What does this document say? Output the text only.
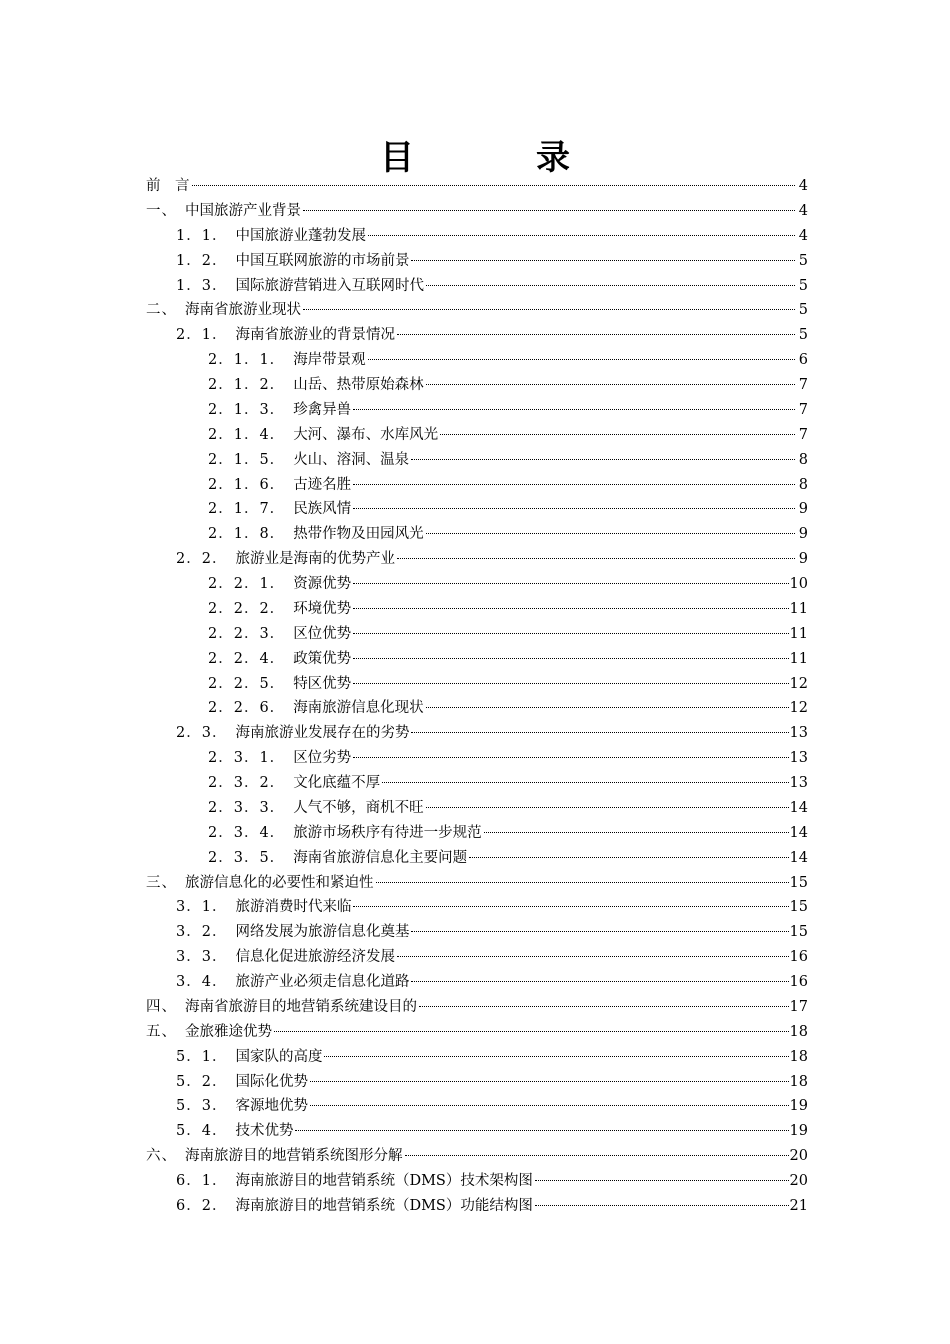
目　录
前　言	4
一、 中国旅游产业背景	4
1．1． 中国旅游业蓬勃发展	4
1．2． 中国互联网旅游的市场前景	5
1．3． 国际旅游营销进入互联网时代	5
二、 海南省旅游业现状	5
2．1． 海南省旅游业的背景情况	5
2．1．1． 海岸带景观	6
2．1．2． 山岳、热带原始森林	7
2．1．3． 珍禽异兽	7
2．1．4． 大河、瀑布、水库风光	7
2．1．5． 火山、溶洞、温泉	8
2．1．6． 古迹名胜	8
2．1．7． 民族风情	9
2．1．8． 热带作物及田园风光	9
2．2． 旅游业是海南的优势产业	9
2．2．1． 资源优势	10
2．2．2． 环境优势	11
2．2．3． 区位优势	11
2．2．4． 政策优势	11
2．2．5． 特区优势	12
2．2．6． 海南旅游信息化现状	12
2．3． 海南旅游业发展存在的劣势	13
2．3．1． 区位劣势	13
2．3．2． 文化底蕴不厚	13
2．3．3． 人气不够，商机不旺	14
2．3．4． 旅游市场秩序有待进一步规范	14
2．3．5． 海南省旅游信息化主要问题	14
三、 旅游信息化的必要性和紧迫性	15
3．1． 旅游消费时代来临	15
3．2． 网络发展为旅游信息化奠基	15
3．3． 信息化促进旅游经济发展	16
3．4． 旅游产业必须走信息化道路	16
四、 海南省旅游目的地营销系统建设目的	17
五、 金旅雅途优势	18
5．1． 国家队的高度	18
5．2． 国际化优势	18
5．3． 客源地优势	19
5．4． 技术优势	19
六、 海南旅游目的地营销系统图形分解	20
6．1． 海南旅游目的地营销系统（DMS）技术架构图	20
6．2． 海南旅游目的地营销系统（DMS）功能结构图	21
